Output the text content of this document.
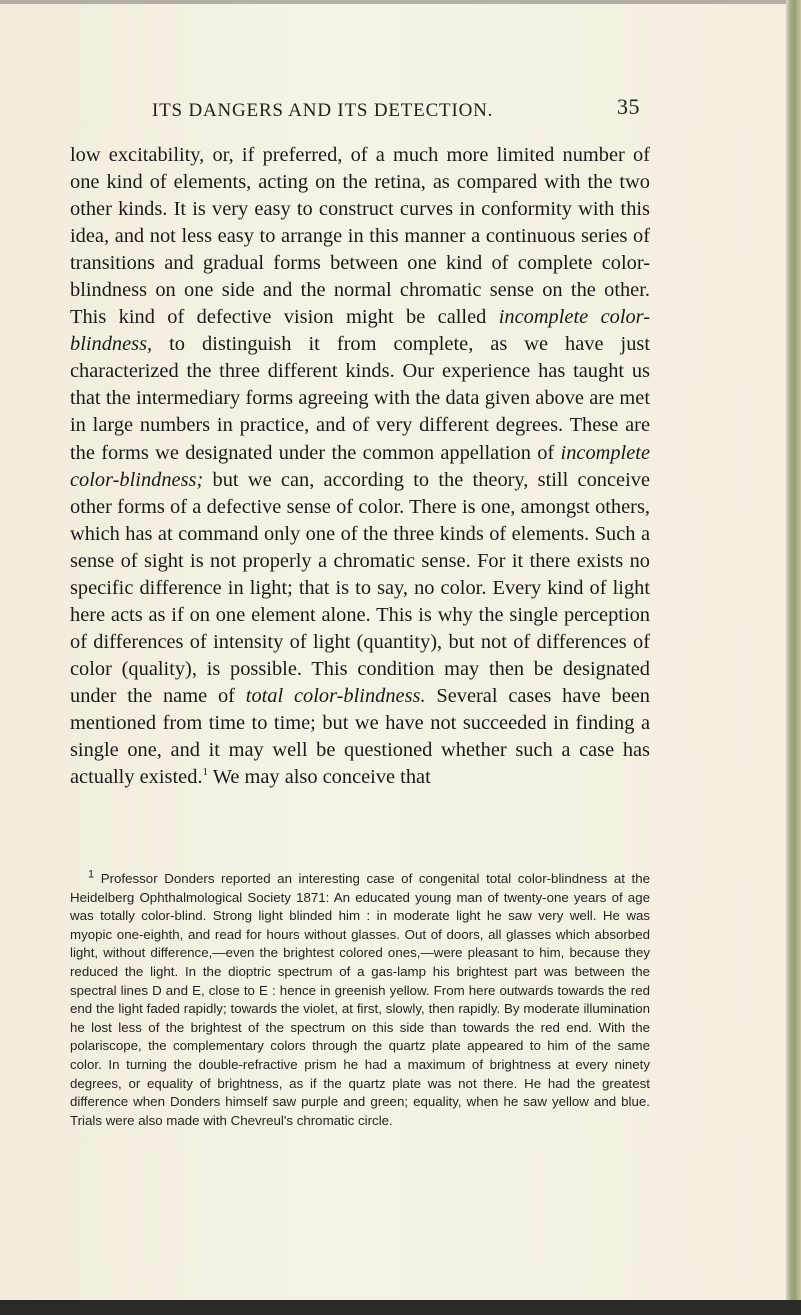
ITS DANGERS AND ITS DETECTION.	35

low excitability, or, if preferred, of a much more limited number of one kind of elements, acting on the retina, as compared with the two other kinds. It is very easy to construct curves in conformity with this idea, and not less easy to arrange in this manner a continuous series of transitions and gradual forms between one kind of complete color-blindness on one side and the normal chromatic sense on the other. This kind of defective vision might be called incomplete color-blindness, to distinguish it from complete, as we have just characterized the three different kinds. Our experience has taught us that the intermediary forms agreeing with the data given above are met in large numbers in practice, and of very different degrees. These are the forms we designated under the common appellation of incomplete color-blindness; but we can, according to the theory, still conceive other forms of a defective sense of color. There is one, amongst others, which has at command only one of the three kinds of elements. Such a sense of sight is not properly a chromatic sense. For it there exists no specific difference in light; that is to say, no color. Every kind of light here acts as if on one element alone. This is why the single perception of differences of intensity of light (quantity), but not of differences of color (quality), is possible. This condition may then be designated under the name of total color-blindness. Several cases have been mentioned from time to time; but we have not succeeded in finding a single one, and it may well be questioned whether such a case has actually existed.$^1$ We may also conceive that

$^1$ Professor Donders reported an interesting case of congenital total color-blindness at the Heidelberg Ophthalmological Society 1871: An educated young man of twenty-one years of age was totally color-blind. Strong light blinded him : in moderate light he saw very well. He was myopic one-eighth, and read for hours without glasses. Out of doors, all glasses which absorbed light, without difference,—even the brightest colored ones,—were pleasant to him, because they reduced the light. In the dioptric spectrum of a gas-lamp his brightest part was between the spectral lines D and E, close to E : hence in greenish yellow. From here outwards towards the red end the light faded rapidly; towards the violet, at first, slowly, then rapidly. By moderate illumination he lost less of the brightest of the spectrum on this side than towards the red end. With the polariscope, the complementary colors through the quartz plate appeared to him of the same color. In turning the double-refractive prism he had a maximum of brightness at every ninety degrees, or equality of brightness, as if the quartz plate was not there. He had the greatest difference when Donders himself saw purple and green; equality, when he saw yellow and blue. Trials were also made with Chevreul's chromatic circle.
